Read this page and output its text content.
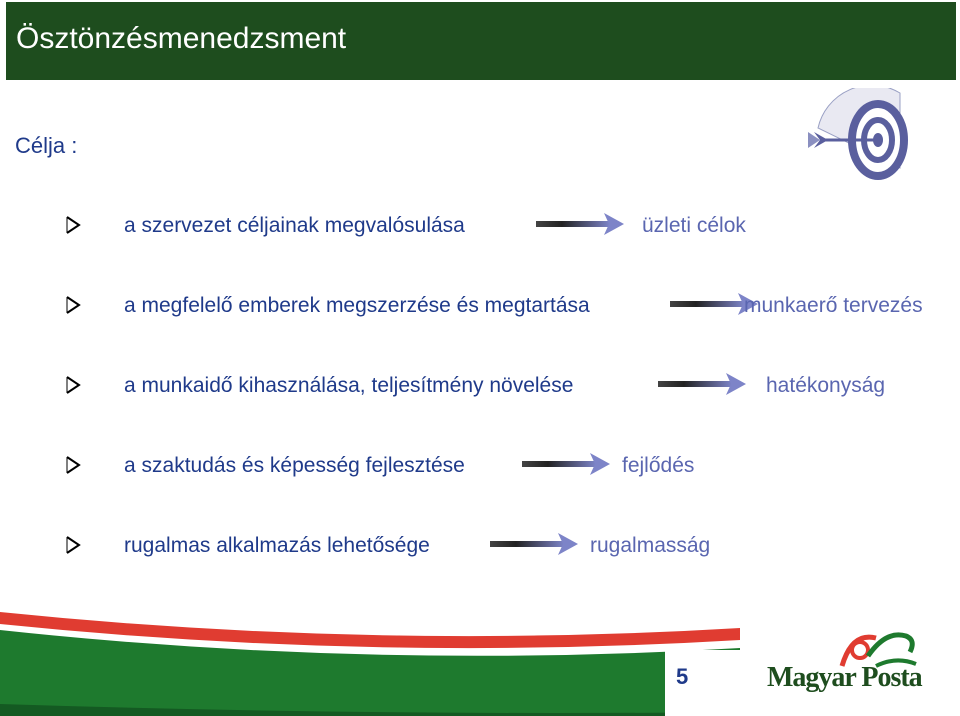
Ösztönzésmenedzsment
Célja :
a szervezet céljainak megvalósulása	üzleti célok
a megfelelő emberek megszerzése és megtartása	munkaerő tervezés
a munkaidő kihasználása, teljesítmény növelése	hatékonyság
a szaktudás és képesség fejlesztése	fejlődés
rugalmas alkalmazás lehetősége	rugalmasság
5	Magyar Posta
